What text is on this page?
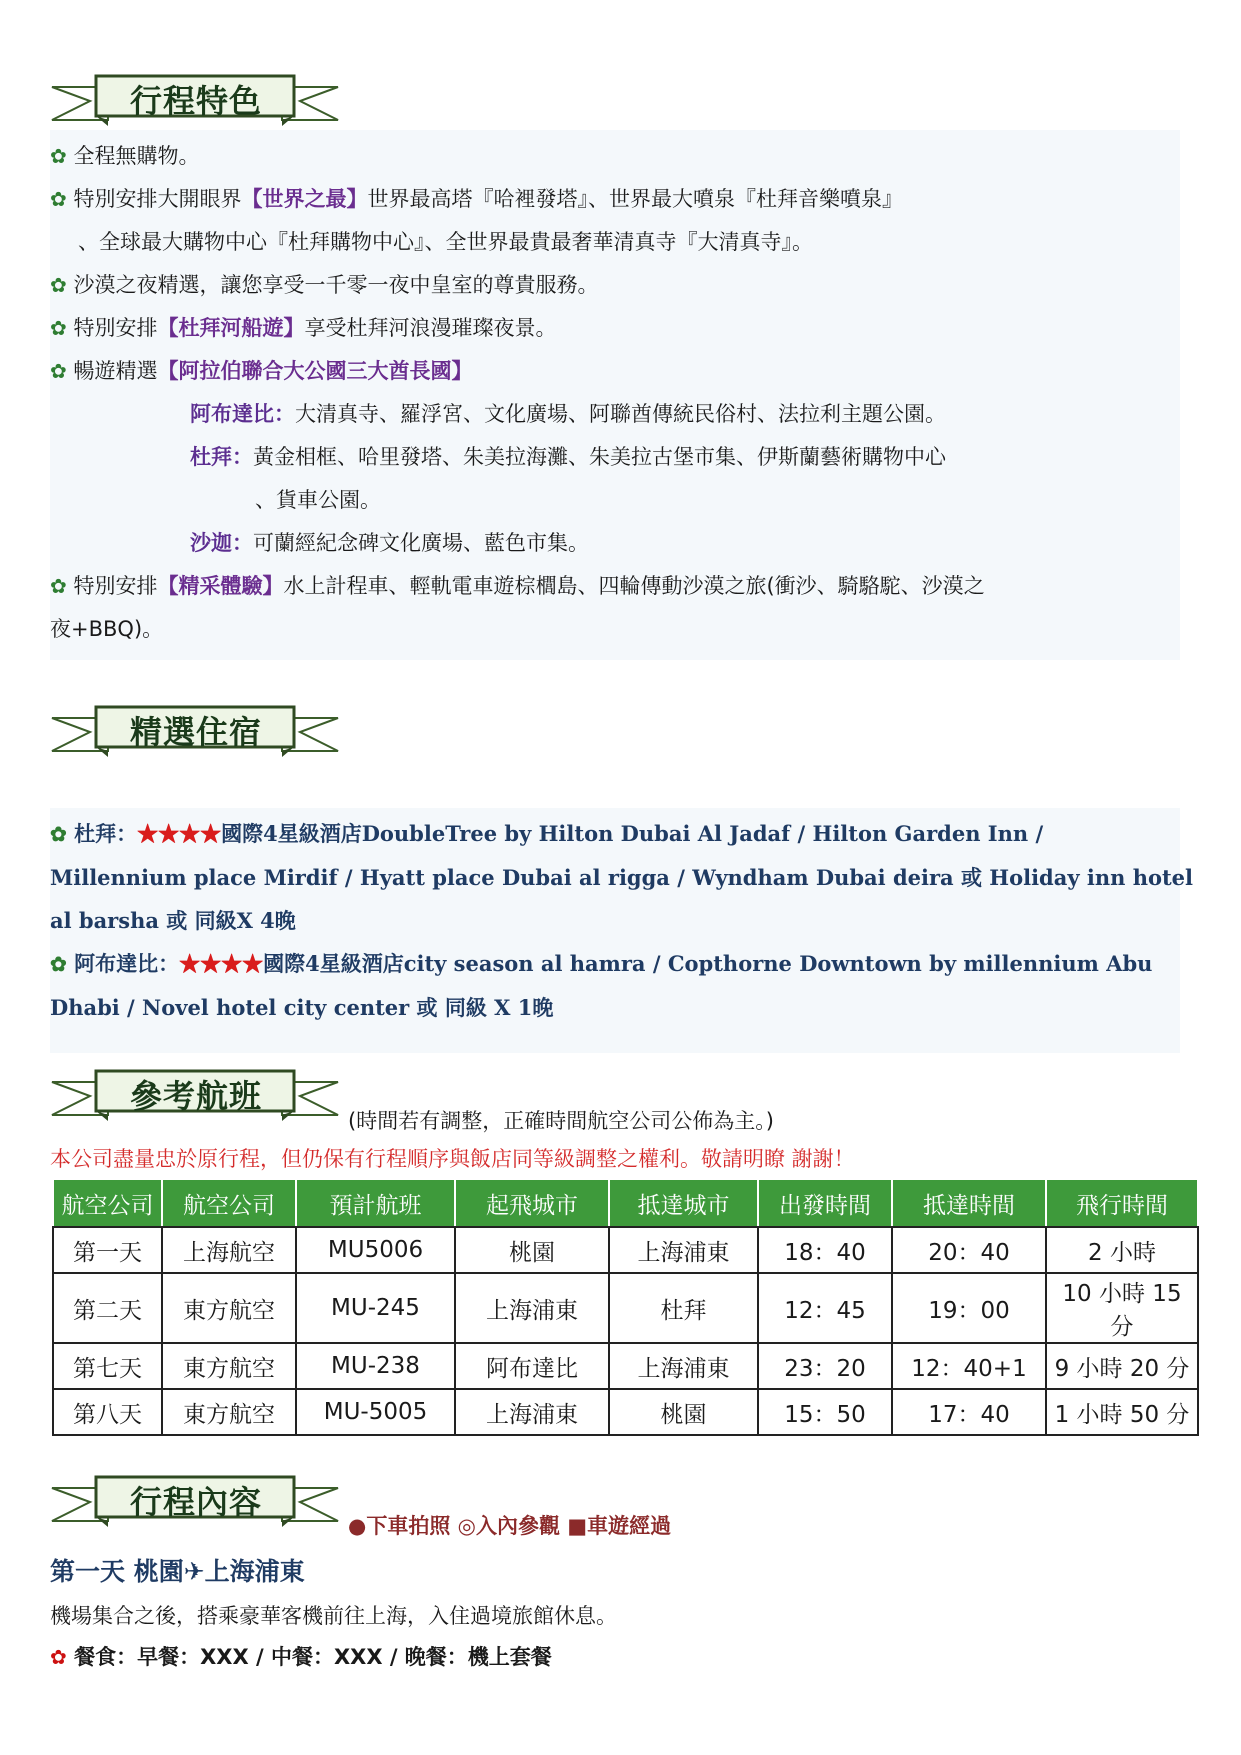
行程特色
✿ 全程無購物。
✿ 特別安排大開眼界【世界之最】世界最高塔『哈裡發塔』、世界最大噴泉『杜拜音樂噴泉』
、全球最大購物中心『杜拜購物中心』、全世界最貴最奢華清真寺『大清真寺』。
✿ 沙漠之夜精選，讓您享受一千零一夜中皇室的尊貴服務。
✿ 特別安排【杜拜河船遊】享受杜拜河浪漫璀璨夜景。
✿ 暢遊精選【阿拉伯聯合大公國三大酋長國】
阿布達比：大清真寺、羅浮宮、文化廣場、阿聯酋傳統民俗村、法拉利主題公園。
杜拜：黃金相框、哈里發塔、朱美拉海灘、朱美拉古堡市集、伊斯蘭藝術購物中心
、貨車公園。
沙迦：可蘭經紀念碑文化廣場、藍色市集。
✿ 特別安排【精采體驗】水上計程車、輕軌電車遊棕櫚島、四輪傳動沙漠之旅(衝沙、騎駱駝、沙漠之
夜+BBQ)。
精選住宿
✿ 杜拜：★★★★國際4星級酒店DoubleTree by Hilton Dubai Al Jadaf / Hilton Garden Inn /
Millennium place Mirdif / Hyatt place Dubai al rigga / Wyndham Dubai deira 或 Holiday inn hotel
al barsha 或 同級X 4晚
✿ 阿布達比：★★★★國際4星級酒店city season al hamra / Copthorne Downtown by millennium Abu
Dhabi / Novel hotel city center 或 同級 X 1晚
參考航班
(時間若有調整，正確時間航空公司公佈為主。)
本公司盡量忠於原行程，但仍保有行程順序與飯店同等級調整之權利。敬請明瞭 謝謝！
航空公司	航空公司	預計航班	起飛城市	抵達城市	出發時間	抵達時間	飛行時間
第一天	上海航空	MU5006	桃園	上海浦東	18：40	20：40	2 小時
第二天	東方航空	MU-245	上海浦東	杜拜	12：45	19：00	10 小時 15 分
第七天	東方航空	MU-238	阿布達比	上海浦東	23：20	12：40+1	9 小時 20 分
第八天	東方航空	MU-5005	上海浦東	桃園	15：50	17：40	1 小時 50 分
行程內容
●下車拍照 ◎入內參觀 ■車遊經過
第一天 桃園✈上海浦東
機場集合之後，搭乘豪華客機前往上海，入住過境旅館休息。
✿ 餐食：早餐：XXX / 中餐：XXX / 晚餐：機上套餐
